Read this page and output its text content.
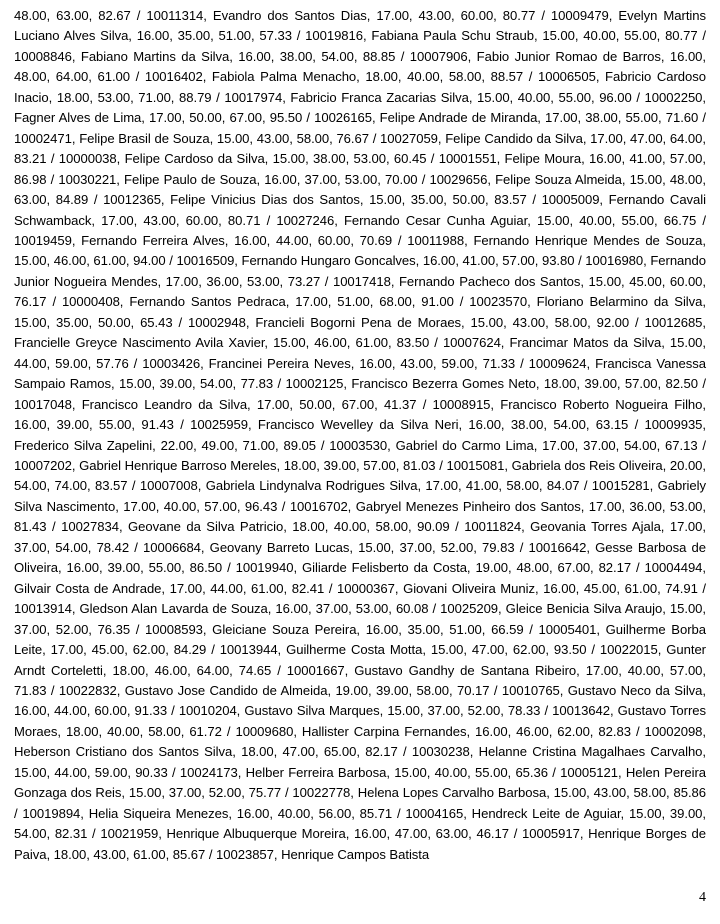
48.00, 63.00, 82.67 / 10011314, Evandro dos Santos Dias, 17.00, 43.00, 60.00, 80.77 / 10009479, Evelyn Martins Luciano Alves Silva, 16.00, 35.00, 51.00, 57.33 / 10019816, Fabiana Paula Schu Straub, 15.00, 40.00, 55.00, 80.77 / 10008846, Fabiano Martins da Silva, 16.00, 38.00, 54.00, 88.85 / 10007906, Fabio Junior Romao de Barros, 16.00, 48.00, 64.00, 61.00 / 10016402, Fabiola Palma Menacho, 18.00, 40.00, 58.00, 88.57 / 10006505, Fabricio Cardoso Inacio, 18.00, 53.00, 71.00, 88.79 / 10017974, Fabricio Franca Zacarias Silva, 15.00, 40.00, 55.00, 96.00 / 10002250, Fagner Alves de Lima, 17.00, 50.00, 67.00, 95.50 / 10026165, Felipe Andrade de Miranda, 17.00, 38.00, 55.00, 71.60 / 10002471, Felipe Brasil de Souza, 15.00, 43.00, 58.00, 76.67 / 10027059, Felipe Candido da Silva, 17.00, 47.00, 64.00, 83.21 / 10000038, Felipe Cardoso da Silva, 15.00, 38.00, 53.00, 60.45 / 10001551, Felipe Moura, 16.00, 41.00, 57.00, 86.98 / 10030221, Felipe Paulo de Souza, 16.00, 37.00, 53.00, 70.00 / 10029656, Felipe Souza Almeida, 15.00, 48.00, 63.00, 84.89 / 10012365, Felipe Vinicius Dias dos Santos, 15.00, 35.00, 50.00, 83.57 / 10005009, Fernando Cavali Schwamback, 17.00, 43.00, 60.00, 80.71 / 10027246, Fernando Cesar Cunha Aguiar, 15.00, 40.00, 55.00, 66.75 / 10019459, Fernando Ferreira Alves, 16.00, 44.00, 60.00, 70.69 / 10011988, Fernando Henrique Mendes de Souza, 15.00, 46.00, 61.00, 94.00 / 10016509, Fernando Hungaro Goncalves, 16.00, 41.00, 57.00, 93.80 / 10016980, Fernando Junior Nogueira Mendes, 17.00, 36.00, 53.00, 73.27 / 10017418, Fernando Pacheco dos Santos, 15.00, 45.00, 60.00, 76.17 / 10000408, Fernando Santos Pedraca, 17.00, 51.00, 68.00, 91.00 / 10023570, Floriano Belarmino da Silva, 15.00, 35.00, 50.00, 65.43 / 10002948, Francieli Bogorni Pena de Moraes, 15.00, 43.00, 58.00, 92.00 / 10012685, Francielle Greyce Nascimento Avila Xavier, 15.00, 46.00, 61.00, 83.50 / 10007624, Francimar Matos da Silva, 15.00, 44.00, 59.00, 57.76 / 10003426, Francinei Pereira Neves, 16.00, 43.00, 59.00, 71.33 / 10009624, Francisca Vanessa Sampaio Ramos, 15.00, 39.00, 54.00, 77.83 / 10002125, Francisco Bezerra Gomes Neto, 18.00, 39.00, 57.00, 82.50 / 10017048, Francisco Leandro da Silva, 17.00, 50.00, 67.00, 41.37 / 10008915, Francisco Roberto Nogueira Filho, 16.00, 39.00, 55.00, 91.43 / 10025959, Francisco Wevelley da Silva Neri, 16.00, 38.00, 54.00, 63.15 / 10009935, Frederico Silva Zapelini, 22.00, 49.00, 71.00, 89.05 / 10003530, Gabriel do Carmo Lima, 17.00, 37.00, 54.00, 67.13 / 10007202, Gabriel Henrique Barroso Mereles, 18.00, 39.00, 57.00, 81.03 / 10015081, Gabriela dos Reis Oliveira, 20.00, 54.00, 74.00, 83.57 / 10007008, Gabriela Lindynalva Rodrigues Silva, 17.00, 41.00, 58.00, 84.07 / 10015281, Gabriely Silva Nascimento, 17.00, 40.00, 57.00, 96.43 / 10016702, Gabryel Menezes Pinheiro dos Santos, 17.00, 36.00, 53.00, 81.43 / 10027834, Geovane da Silva Patricio, 18.00, 40.00, 58.00, 90.09 / 10011824, Geovania Torres Ajala, 17.00, 37.00, 54.00, 78.42 / 10006684, Geovany Barreto Lucas, 15.00, 37.00, 52.00, 79.83 / 10016642, Gesse Barbosa de Oliveira, 16.00, 39.00, 55.00, 86.50 / 10019940, Giliarde Felisberto da Costa, 19.00, 48.00, 67.00, 82.17 / 10004494, Gilvair Costa de Andrade, 17.00, 44.00, 61.00, 82.41 / 10000367, Giovani Oliveira Muniz, 16.00, 45.00, 61.00, 74.91 / 10013914, Gledson Alan Lavarda de Souza, 16.00, 37.00, 53.00, 60.08 / 10025209, Gleice Benicia Silva Araujo, 15.00, 37.00, 52.00, 76.35 / 10008593, Gleiciane Souza Pereira, 16.00, 35.00, 51.00, 66.59 / 10005401, Guilherme Borba Leite, 17.00, 45.00, 62.00, 84.29 / 10013944, Guilherme Costa Motta, 15.00, 47.00, 62.00, 93.50 / 10022015, Gunter Arndt Corteletti, 18.00, 46.00, 64.00, 74.65 / 10001667, Gustavo Gandhy de Santana Ribeiro, 17.00, 40.00, 57.00, 71.83 / 10022832, Gustavo Jose Candido de Almeida, 19.00, 39.00, 58.00, 70.17 / 10010765, Gustavo Neco da Silva, 16.00, 44.00, 60.00, 91.33 / 10010204, Gustavo Silva Marques, 15.00, 37.00, 52.00, 78.33 / 10013642, Gustavo Torres Moraes, 18.00, 40.00, 58.00, 61.72 / 10009680, Hallister Carpina Fernandes, 16.00, 46.00, 62.00, 82.83 / 10002098, Heberson Cristiano dos Santos Silva, 18.00, 47.00, 65.00, 82.17 / 10030238, Helanne Cristina Magalhaes Carvalho, 15.00, 44.00, 59.00, 90.33 / 10024173, Helber Ferreira Barbosa, 15.00, 40.00, 55.00, 65.36 / 10005121, Helen Pereira Gonzaga dos Reis, 15.00, 37.00, 52.00, 75.77 / 10022778, Helena Lopes Carvalho Barbosa, 15.00, 43.00, 58.00, 85.86 / 10019894, Helia Siqueira Menezes, 16.00, 40.00, 56.00, 85.71 / 10004165, Hendreck Leite de Aguiar, 15.00, 39.00, 54.00, 82.31 / 10021959, Henrique Albuquerque Moreira, 16.00, 47.00, 63.00, 46.17 / 10005917, Henrique Borges de Paiva, 18.00, 43.00, 61.00, 85.67 / 10023857, Henrique Campos Batista

4
